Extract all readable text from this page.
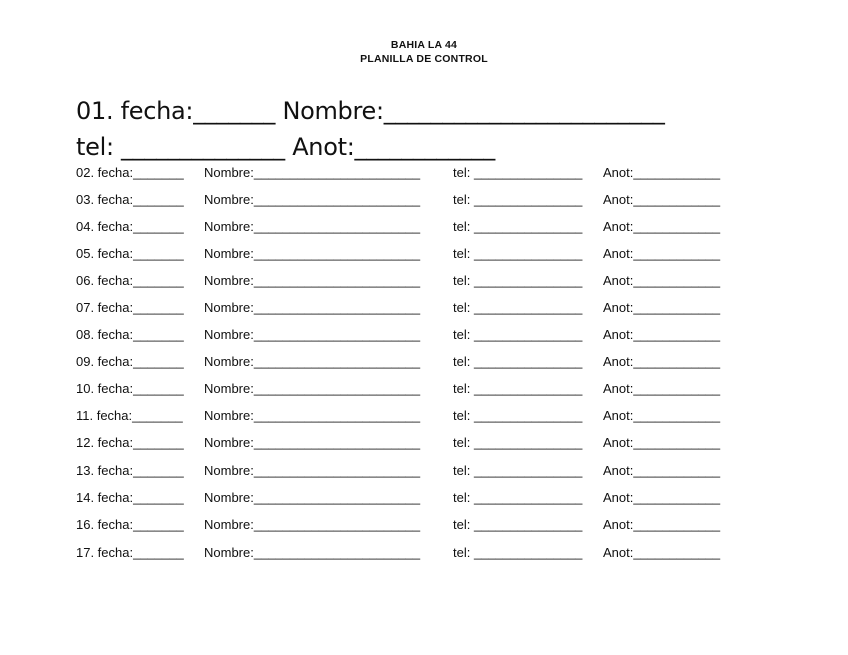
BAHIA LA 44
PLANILLA DE CONTROL
01. fecha:_______ Nombre:________________________
tel: ______________ Anot:____________
02. fecha:_______ Nombre:_______________________	tel: _______________ Anot:____________
03. fecha:_______ Nombre:_______________________	tel: _______________ Anot:____________
04. fecha:_______ Nombre:_______________________	tel: _______________ Anot:____________
05. fecha:_______ Nombre:_______________________	tel: _______________ Anot:____________
06. fecha:_______ Nombre:_______________________	tel: _______________ Anot:____________
07. fecha:_______ Nombre:_______________________	tel: _______________ Anot:____________
08. fecha:_______ Nombre:_______________________	tel: _______________ Anot:____________
09. fecha:_______ Nombre:_______________________	tel: _______________ Anot:____________
10. fecha:_______ Nombre:_______________________	tel: _______________ Anot:____________
11. fecha:_______ Nombre:_______________________	tel: _______________ Anot:____________
12. fecha:_______ Nombre:_______________________	tel: _______________ Anot:____________
13. fecha:_______ Nombre:_______________________	tel: _______________ Anot:____________
14. fecha:_______ Nombre:_______________________	tel: _______________ Anot:____________
16. fecha:_______ Nombre:_______________________	tel: _______________ Anot:____________
17. fecha:_______ Nombre:_______________________	tel: _______________ Anot:____________
